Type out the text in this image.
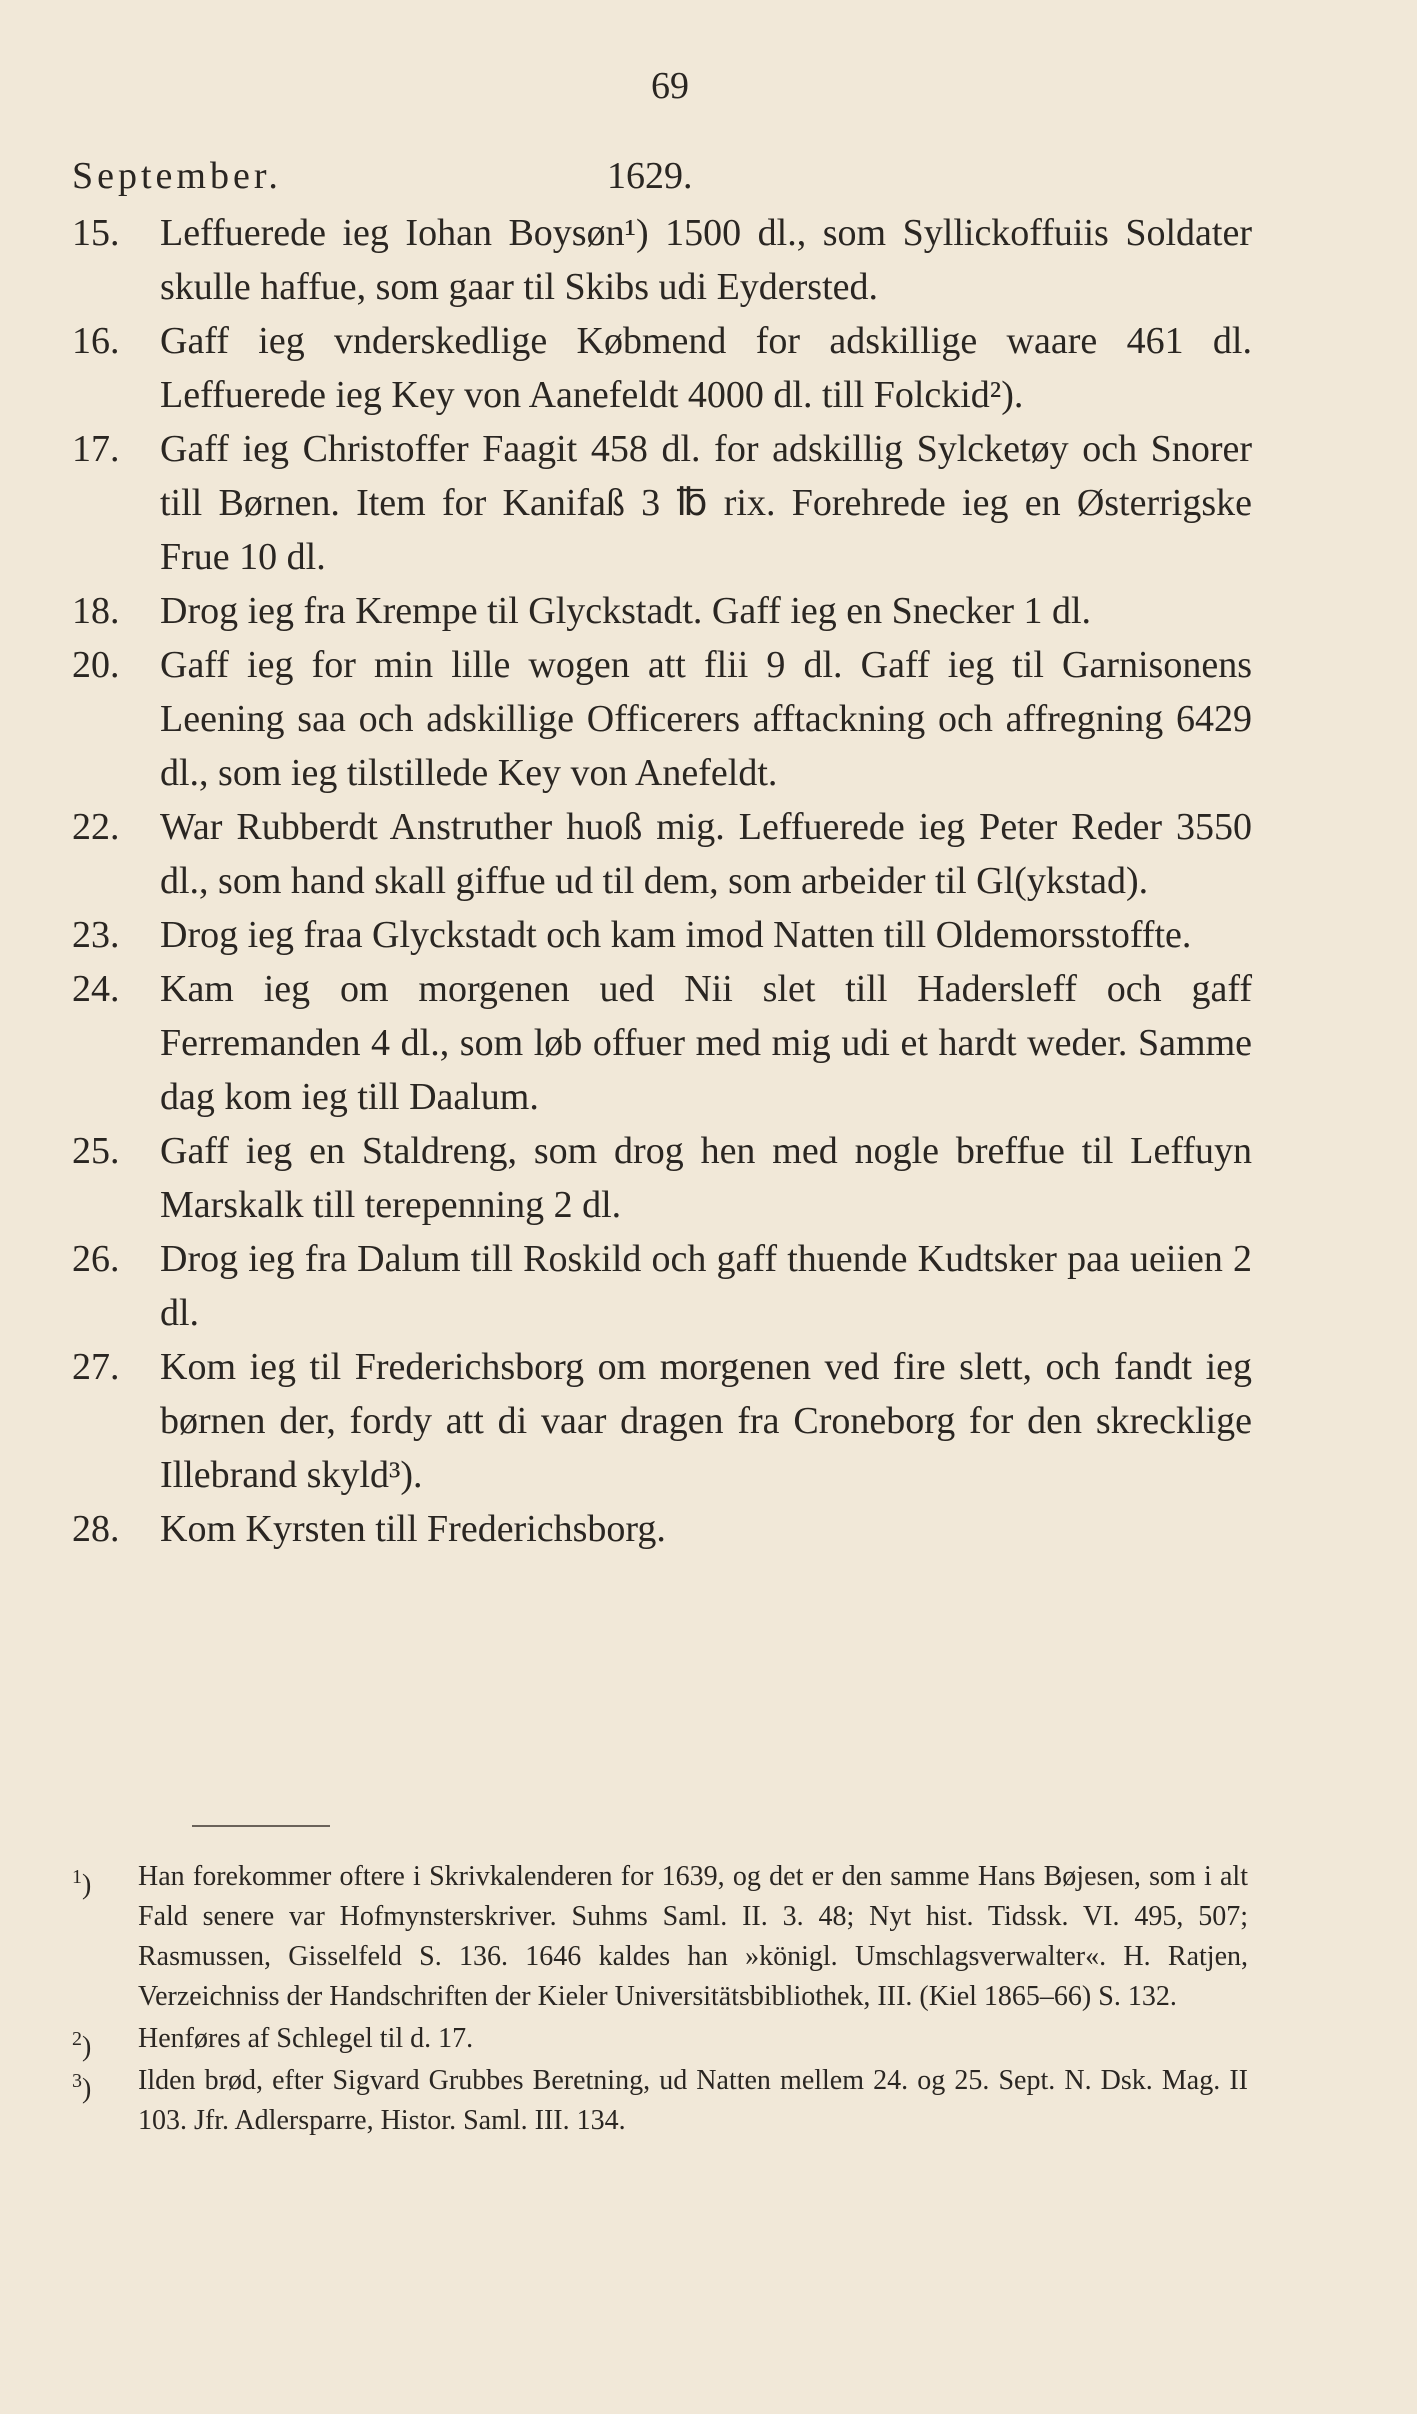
69
September.	1629.
15. Leffuerede ieg Iohan Boysøn¹) 1500 dl., som Syllickoffuiis Soldater skulle haffue, som gaar til Skibs udi Eydersted.
16. Gaff ieg vnderskedlige Købmend for adskillige waare 461 dl. Leffuerede ieg Key von Aanefeldt 4000 dl. till Folckid²).
17. Gaff ieg Christoffer Faagit 458 dl. for adskillig Sylcketøy och Snorer till Børnen. Item for Kanifaß 3 ℔ rix. Forehrede ieg en Østerrigske Frue 10 dl.
18. Drog ieg fra Krempe til Glyckstadt. Gaff ieg en Snecker 1 dl.
20. Gaff ieg for min lille wogen att flii 9 dl. Gaff ieg til Garnisonens Leening saa och adskillige Officerers afftackning och affregning 6429 dl., som ieg tilstillede Key von Anefeldt.
22. War Rubberdt Anstruther huoß mig. Leffuerede ieg Peter Reder 3550 dl., som hand skall giffue ud til dem, som arbeider til Gl(ykstad).
23. Drog ieg fraa Glyckstadt och kam imod Natten till Oldemorsstoffte.
24. Kam ieg om morgenen ued Nii slet till Hadersleff och gaff Ferremanden 4 dl., som løb offuer med mig udi et hardt weder. Samme dag kom ieg till Daalum.
25. Gaff ieg en Staldreng, som drog hen med nogle breffue til Leffuyn Marskalk till terepenning 2 dl.
26. Drog ieg fra Dalum till Roskild och gaff thuende Kudtsker paa ueiien 2 dl.
27. Kom ieg til Frederichsborg om morgenen ved fire slett, och fandt ieg børnen der, fordy att di vaar dragen fra Croneborg for den skrecklige Illebrand skyld³).
28. Kom Kyrsten till Frederichsborg.
$^1$) Han forekommer oftere i Skrivkalenderen for 1639, og det er den samme Hans Bøjesen, som i alt Fald senere var Hofmynsterskriver. Suhms Saml. II. 3. 48; Nyt hist. Tidssk. VI. 495, 507; Rasmussen, Gisselfeld S. 136. 1646 kaldes han »königl. Umschlagsverwalter«. H. Ratjen, Verzeichniss der Handschriften der Kieler Universitätsbibliothek, III. (Kiel 1865–66) S. 132.
$^2$) Henføres af Schlegel til d. 17.
$^3$) Ilden brød, efter Sigvard Grubbes Beretning, ud Natten mellem 24. og 25. Sept. N. Dsk. Mag. II 103. Jfr. Adlersparre, Histor. Saml. III. 134.
